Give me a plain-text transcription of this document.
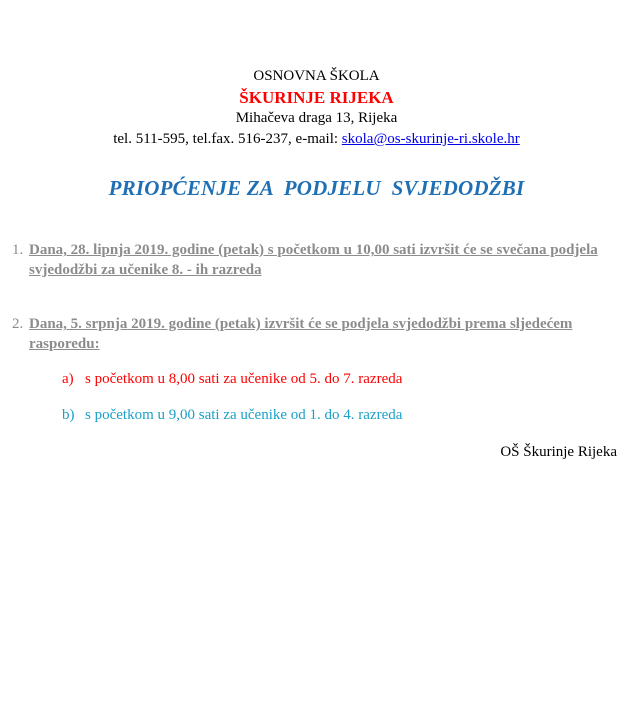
OSNOVNA ŠKOLA
ŠKURINJE RIJEKA
Mihačeva draga 13, Rijeka
tel. 511-595, tel.fax. 516-237, e-mail: skola@os-skurinje-ri.skole.hr
PRIOPĆENJE ZA  PODJELU  SVJEDODŽBI
1. Dana, 28. lipnja 2019. godine (petak) s početkom u 10,00 sati izvršit će se svečana podjela svjedodžbi za učenike 8. - ih razreda
2. Dana, 5. srpnja 2019. godine (petak) izvršit će se podjela svjedodžbi prema sljedećem rasporedu:
a) s početkom u 8,00 sati za učenike od 5. do 7. razreda
b) s početkom u 9,00 sati za učenike od 1. do 4. razreda
OŠ Škurinje Rijeka
